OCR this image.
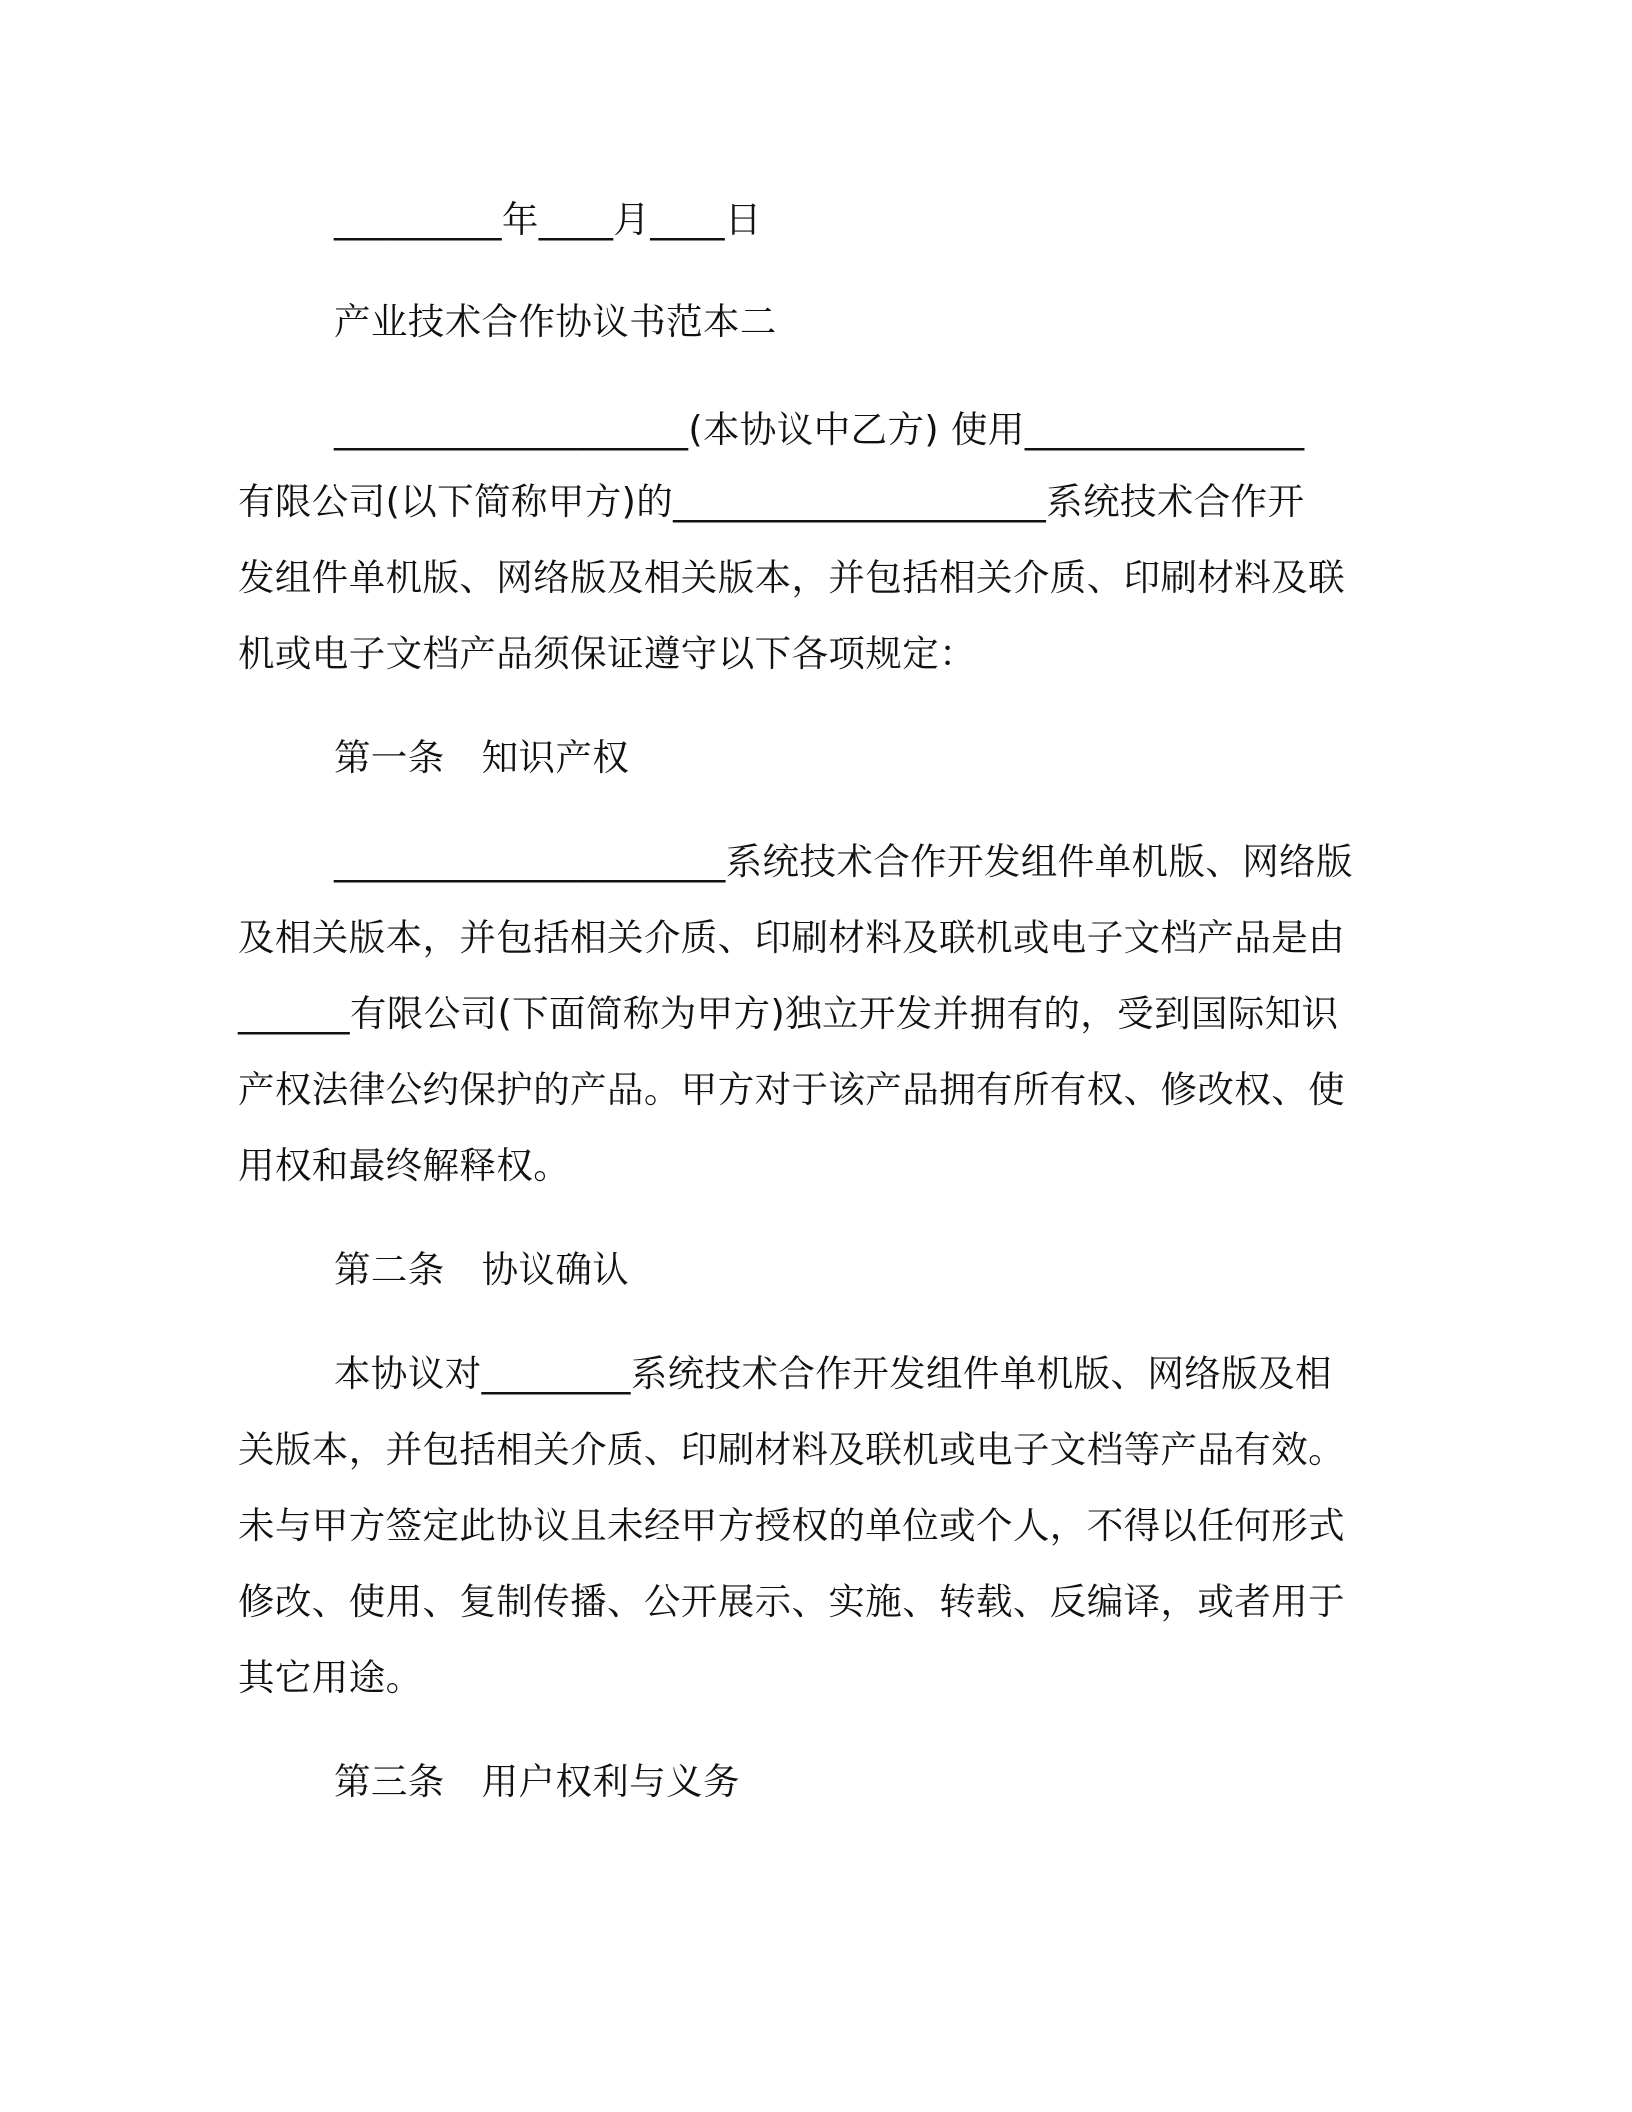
_________年____月____日
产业技术合作协议书范本二
___________________(本协议中乙方) 使用_______________
有限公司(以下简称甲方)的____________________系统技术合作开
发组件单机版、网络版及相关版本，并包括相关介质、印刷材料及联
机或电子文档产品须保证遵守以下各项规定：
第一条　知识产权
_____________________系统技术合作开发组件单机版、网络版
及相关版本，并包括相关介质、印刷材料及联机或电子文档产品是由
______有限公司(下面简称为甲方)独立开发并拥有的，受到国际知识
产权法律公约保护的产品。甲方对于该产品拥有所有权、修改权、使
用权和最终解释权。
第二条　协议确认
本协议对________系统技术合作开发组件单机版、网络版及相
关版本，并包括相关介质、印刷材料及联机或电子文档等产品有效。
未与甲方签定此协议且未经甲方授权的单位或个人，不得以任何形式
修改、使用、复制传播、公开展示、实施、转载、反编译，或者用于
其它用途。
第三条　用户权利与义务
